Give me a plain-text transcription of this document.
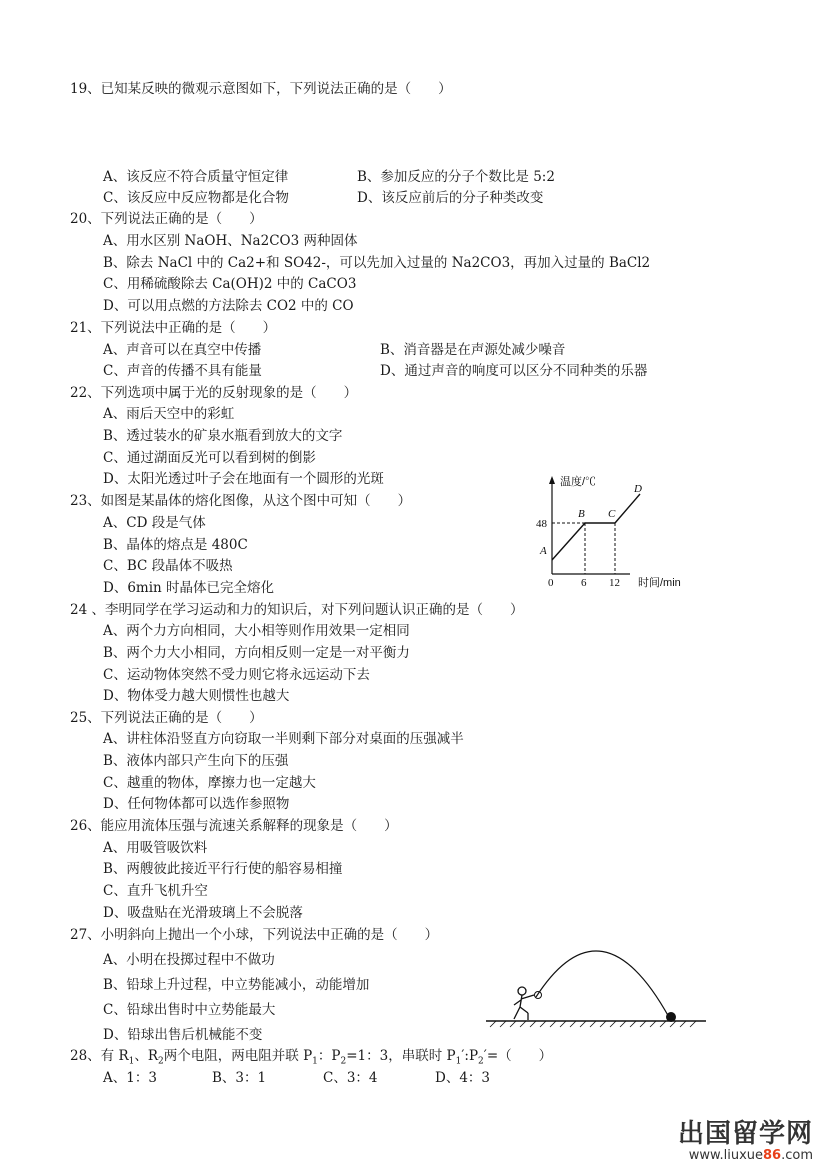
19、已知某反映的微观示意图如下，下列说法正确的是（　　）
A、该反应不符合质量守恒定律	B、参加反应的分子个数比是 5:2
C、该反应中反应物都是化合物	D、该反应前后的分子种类改变
20、下列说法正确的是（　　）
A、用水区别 NaOH、Na2CO3 两种固体
B、除去 NaCl 中的 Ca2+和 SO42-，可以先加入过量的 Na2CO3，再加入过量的 BaCl2
C、用稀硫酸除去 Ca(OH)2 中的 CaCO3
D、可以用点燃的方法除去 CO2 中的 CO
21、下列说法中正确的是（　　）
A、声音可以在真空中传播	B、消音器是在声源处减少噪音
C、声音的传播不具有能量	D、通过声音的响度可以区分不同种类的乐器
22、下列选项中属于光的反射现象的是（　　）
A、雨后天空中的彩虹
B、透过装水的矿泉水瓶看到放大的文字
C、通过湖面反光可以看到树的倒影
D、太阳光透过叶子会在地面有一个圆形的光斑
23、如图是某晶体的熔化图像，从这个图中可知（　　）
A、CD 段是气体
B、晶体的熔点是 480C
C、BC 段晶体不吸热
D、6min 时晶体已完全熔化
温度/℃
48
A
B C
D
0	6 12 时间/min
24 、李明同学在学习运动和力的知识后，对下列问题认识正确的是（　　）
A、两个力方向相同，大小相等则作用效果一定相同
B、两个力大小相同，方向相反则一定是一对平衡力
C、运动物体突然不受力则它将永远运动下去
D、物体受力越大则惯性也越大
25、下列说法正确的是（　　）
A、讲柱体沿竖直方向窃取一半则剩下部分对桌面的压强减半
B、液体内部只产生向下的压强
C、越重的物体，摩擦力也一定越大
D、任何物体都可以选作参照物
26、能应用流体压强与流速关系解释的现象是（　　）
A、用吸管吸饮料
B、两艘彼此接近平行行使的船容易相撞
C、直升飞机升空
D、吸盘贴在光滑玻璃上不会脱落
27、小明斜向上抛出一个小球，下列说法中正确的是（　　）
A、小明在投掷过程中不做功
B、铅球上升过程，中立势能减小，动能增加
C、铅球出售时中立势能最大
D、铅球出售后机械能不变
28、有 $R_1$、$R_2$两个电阻，两电阻并联 $P_1$：$P_2=1$：3，串联时 $P_1':P_2'=$（　　）
A、1：3	B、3：1	C、3：4	D、4：3
出国留学网
www.liuxue86.com
